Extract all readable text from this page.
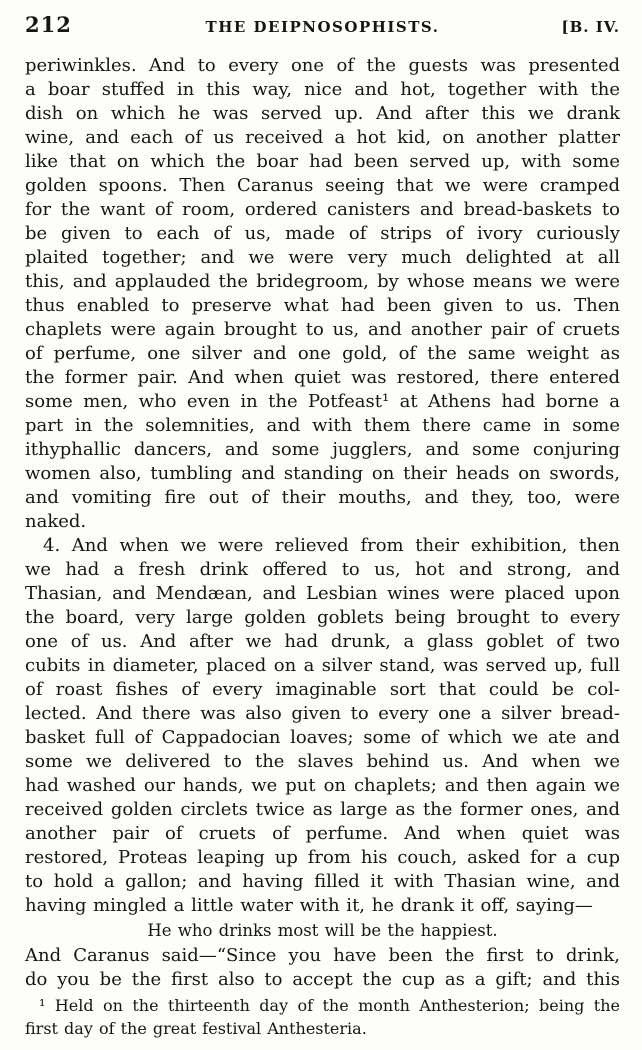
212	THE DEIPNOSOPHISTS.	[B. IV.
periwinkles. And to every one of the guests was presented
a boar stuffed in this way, nice and hot, together with the
dish on which he was served up. And after this we drank
wine, and each of us received a hot kid, on another platter
like that on which the boar had been served up, with some
golden spoons. Then Caranus seeing that we were cramped
for the want of room, ordered canisters and bread-baskets to
be given to each of us, made of strips of ivory curiously
plaited together; and we were very much delighted at all
this, and applauded the bridegroom, by whose means we were
thus enabled to preserve what had been given to us. Then
chaplets were again brought to us, and another pair of cruets
of perfume, one silver and one gold, of the same weight as
the former pair. And when quiet was restored, there entered
some men, who even in the Potfeast¹ at Athens had borne a
part in the solemnities, and with them there came in some
ithyphallic dancers, and some jugglers, and some conjuring
women also, tumbling and standing on their heads on swords,
and vomiting fire out of their mouths, and they, too, were
naked.
4. And when we were relieved from their exhibition, then
we had a fresh drink offered to us, hot and strong, and
Thasian, and Mendæan, and Lesbian wines were placed upon
the board, very large golden goblets being brought to every
one of us. And after we had drunk, a glass goblet of two
cubits in diameter, placed on a silver stand, was served up, full
of roast fishes of every imaginable sort that could be col-
lected. And there was also given to every one a silver bread-
basket full of Cappadocian loaves; some of which we ate and
some we delivered to the slaves behind us. And when we
had washed our hands, we put on chaplets; and then again we
received golden circlets twice as large as the former ones, and
another pair of cruets of perfume. And when quiet was
restored, Proteas leaping up from his couch, asked for a cup
to hold a gallon; and having filled it with Thasian wine, and
having mingled a little water with it, he drank it off, saying—
He who drinks most will be the happiest.
And Caranus said—“Since you have been the first to drink,
do you be the first also to accept the cup as a gift; and this
¹ Held on the thirteenth day of the month Anthesterion; being the
first day of the great festival Anthesteria.
